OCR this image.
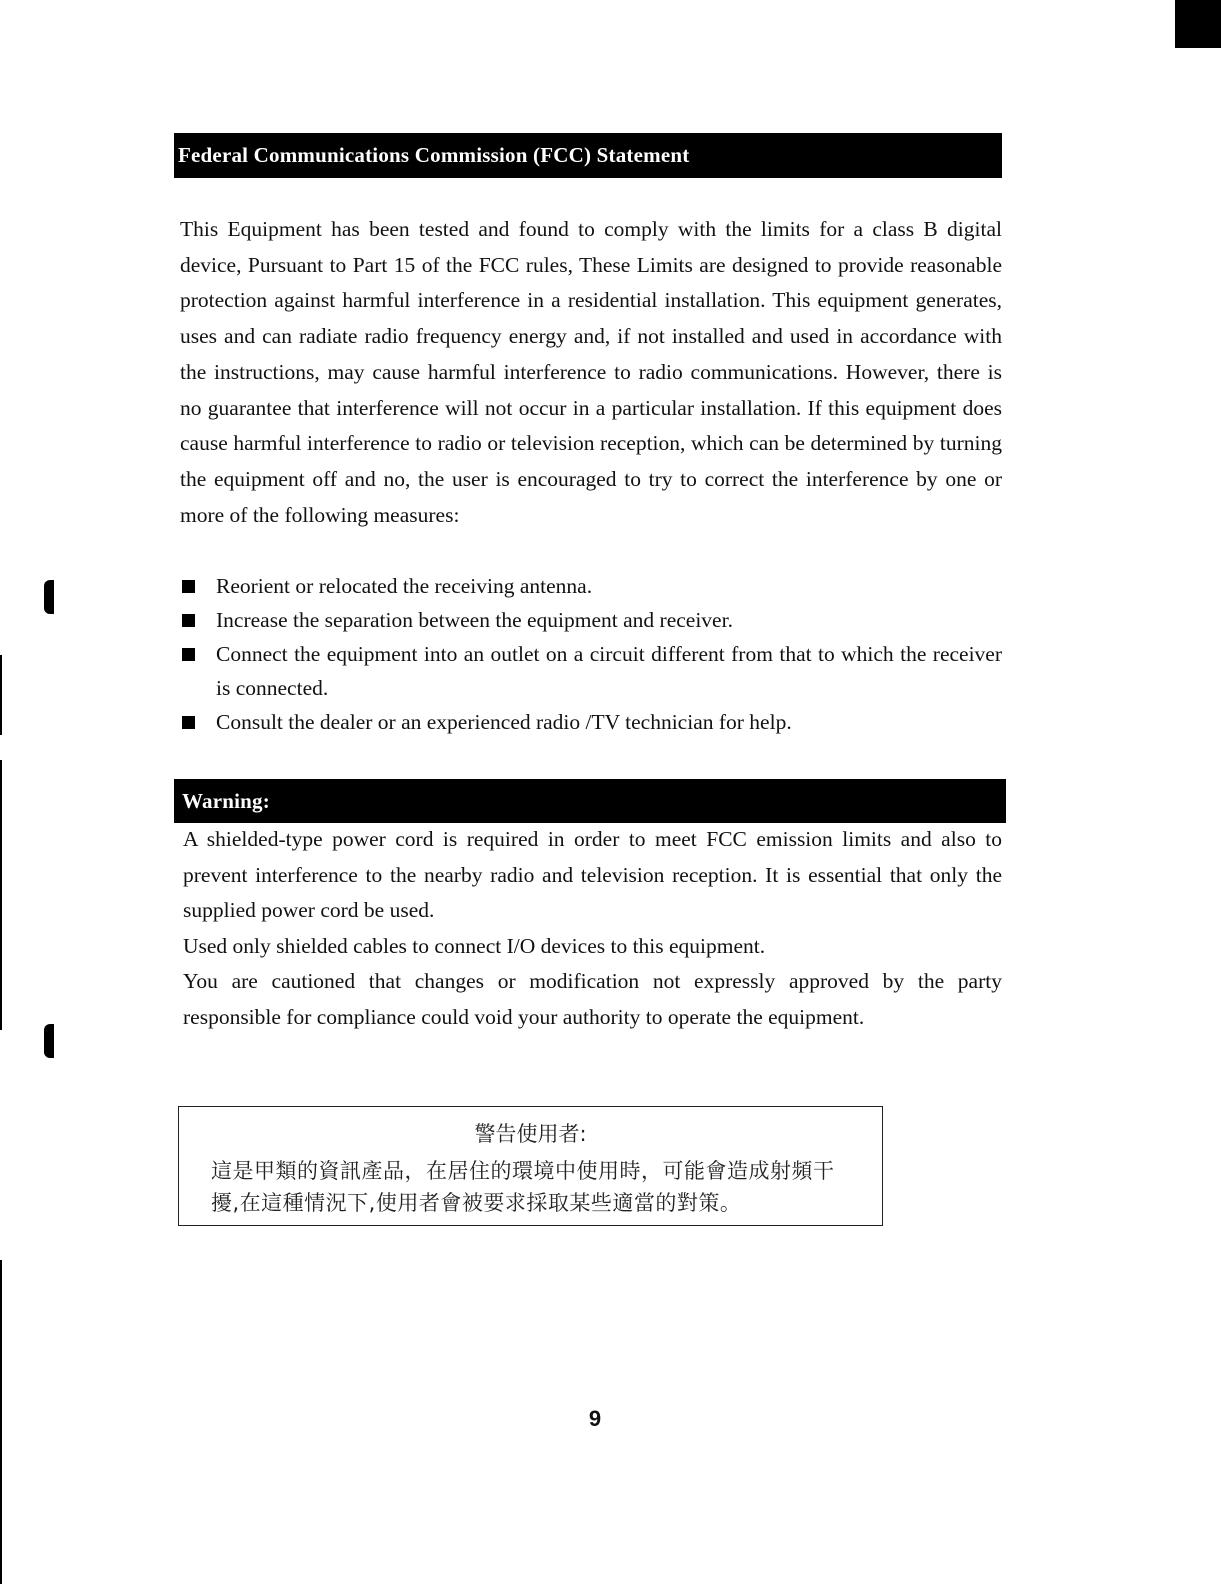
Federal Communications Commission (FCC) Statement

This Equipment has been tested and found to comply with the limits for a class B digital device, Pursuant to Part 15 of the FCC rules, These Limits are designed to provide reasonable protection against harmful interference in a residential installation. This equipment generates, uses and can radiate radio frequency energy and, if not installed and used in accordance with the instructions, may cause harmful interference to radio communications. However, there is no guarantee that interference will not occur in a particular installation. If this equipment does cause harmful interference to radio or television reception, which can be determined by turning the equipment off and no, the user is encouraged to try to correct the interference by one or more of the following measures:

Reorient or relocated the receiving antenna.
Increase the separation between the equipment and receiver.
Connect the equipment into an outlet on a circuit different from that to which the receiver is connected.
Consult the dealer or an experienced radio /TV technician for help.
Warning:

A shielded-type power cord is required in order to meet FCC emission limits and also to prevent interference to the nearby radio and television reception. It is essential that only the supplied power cord be used.

Used only shielded cables to connect I/O devices to this equipment.

You are cautioned that changes or modification not expressly approved by the party responsible for compliance could void your authority to operate the equipment.

警告使用者:
這是甲類的資訊產品，在居住的環境中使用時，可能會造成射頻干擾,在這種情況下,使用者會被要求採取某些適當的對策。
9
